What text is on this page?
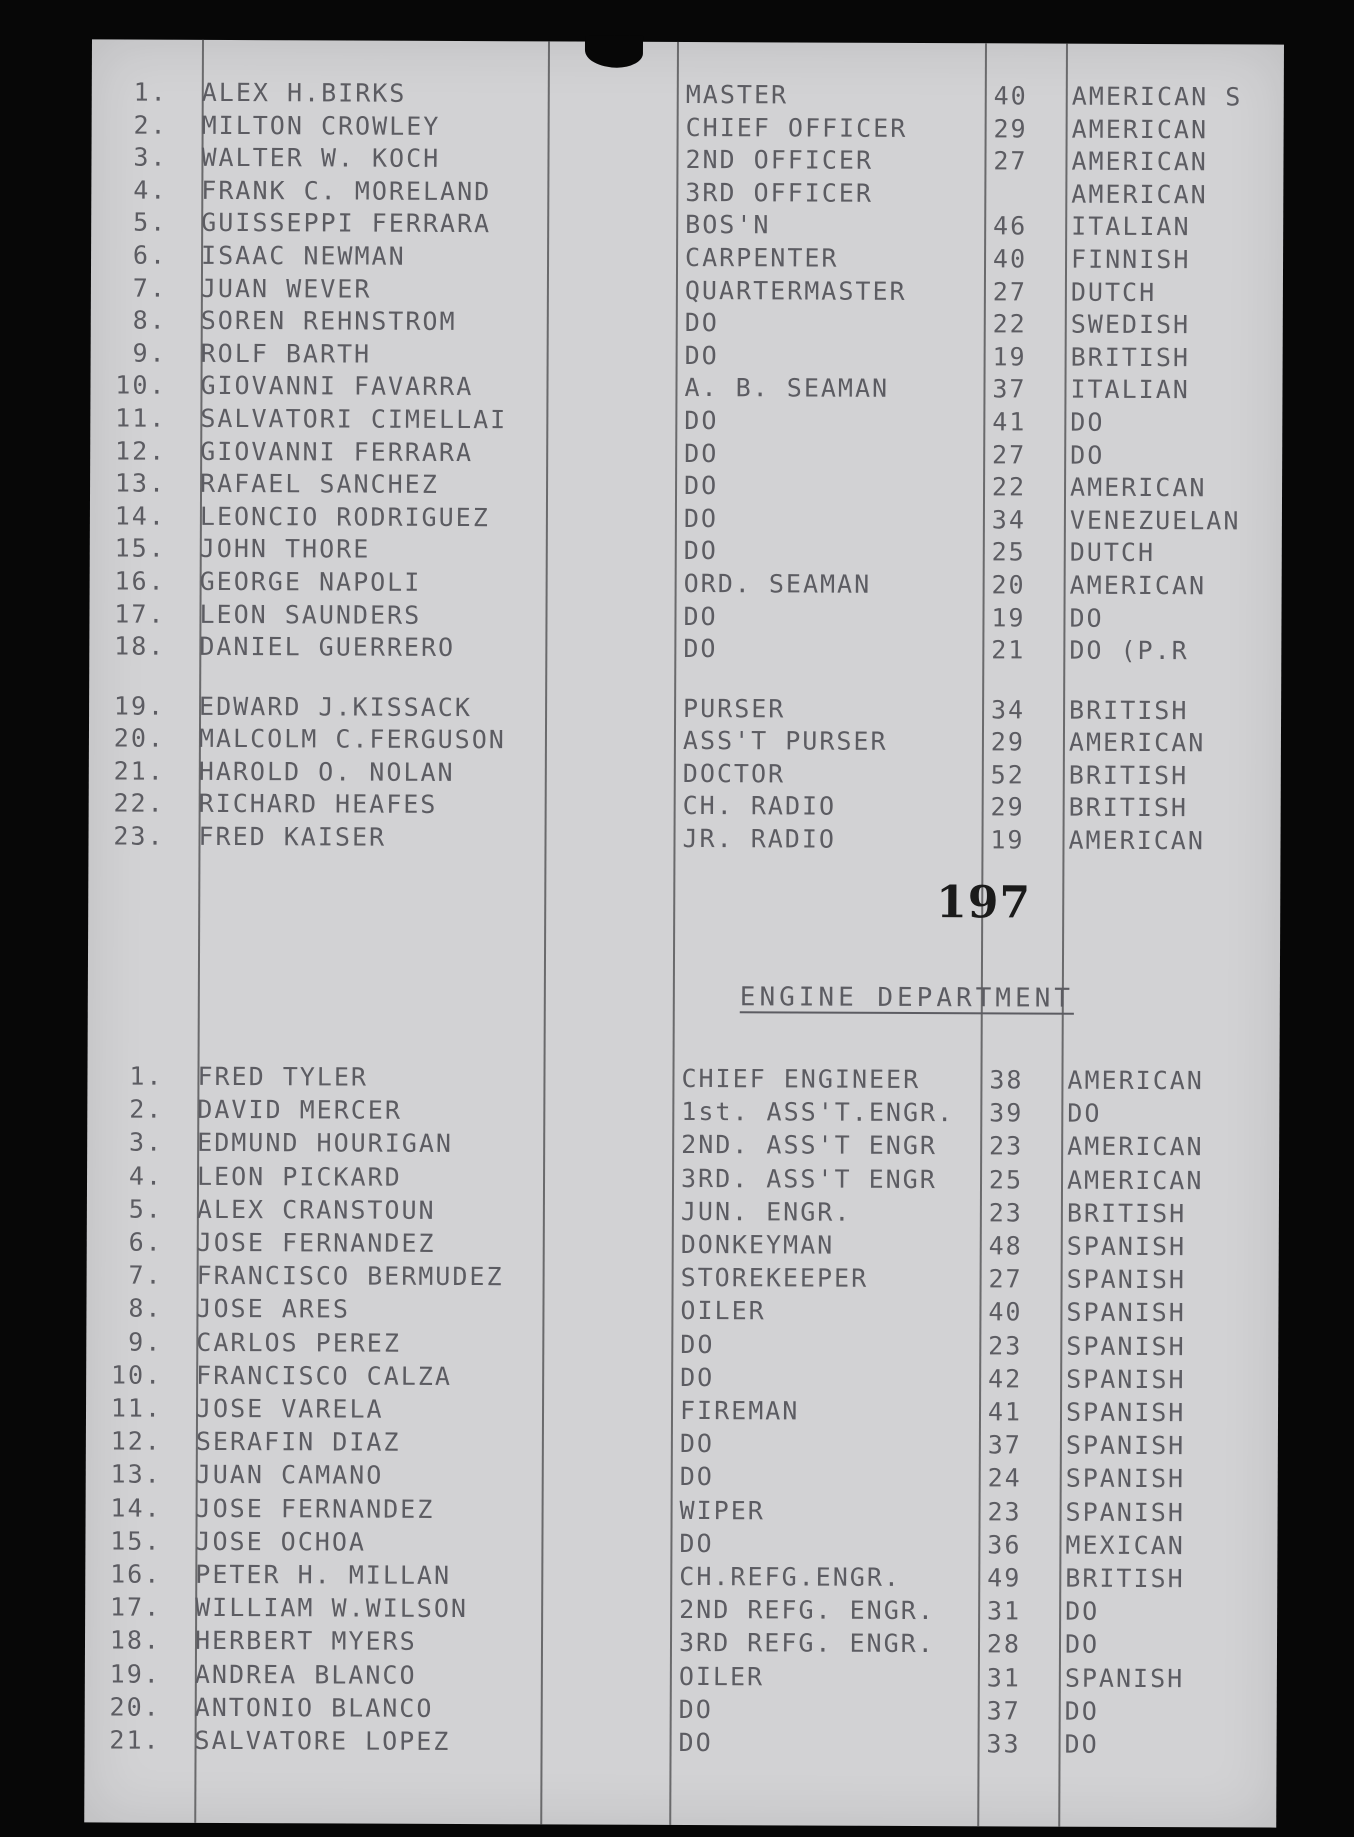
1. ALEX H.BIRKS	MASTER	40 AMERICAN S
2. MILTON CROWLEY	CHIEF OFFICER	29 AMERICAN
3. WALTER W. KOCH	2ND OFFICER	27 AMERICAN
4. FRANK C. MORELAND	3RD OFFICER	AMERICAN
5. GUISSEPPI FERRARA	BOS'N	46 ITALIAN
6. ISAAC NEWMAN	CARPENTER	40 FINNISH
7. JUAN WEVER	QUARTERMASTER	27 DUTCH
8. SOREN REHNSTROM	DO	22 SWEDISH
9. ROLF BARTH	DO	19 BRITISH
10. GIOVANNI FAVARRA	A. B. SEAMAN	37 ITALIAN
11. SALVATORI CIMELLAI	DO	41 DO
12. GIOVANNI FERRARA	DO	27 DO
13. RAFAEL SANCHEZ	DO	22 AMERICAN
14. LEONCIO RODRIGUEZ	DO	34 VENEZUELAN
15. JOHN THORE	DO	25 DUTCH
16. GEORGE NAPOLI	ORD. SEAMAN	20 AMERICAN
17. LEON SAUNDERS	DO	19 DO
18. DANIEL GUERRERO	DO	21 DO (P.R
19. EDWARD J.KISSACK	PURSER	34 BRITISH
20. MALCOLM C.FERGUSON	ASS'T PURSER	29 AMERICAN
21. HAROLD O. NOLAN	DOCTOR	52 BRITISH
22. RICHARD HEAFES	CH. RADIO	29 BRITISH
23. FRED KAISER	JR. RADIO	19 AMERICAN
197
ENGINE DEPARTMENT
1. FRED TYLER	CHIEF ENGINEER	38 AMERICAN
2. DAVID MERCER	1st. ASS'T.ENGR. 39 DO
3. EDMUND HOURIGAN	2ND. ASS'T ENGR 23 AMERICAN
4. LEON PICKARD	3RD. ASS'T ENGR 25 AMERICAN
5. ALEX CRANSTOUN	JUN. ENGR.	23 BRITISH
6. JOSE FERNANDEZ	DONKEYMAN	48 SPANISH
7. FRANCISCO BERMUDEZ	STOREKEEPER	27 SPANISH
8. JOSE ARES	OILER	40 SPANISH
9. CARLOS PEREZ	DO	23 SPANISH
10. FRANCISCO CALZA	DO	42 SPANISH
11. JOSE VARELA	FIREMAN	41 SPANISH
12. SERAFIN DIAZ	DO	37 SPANISH
13. JUAN CAMANO	DO	24 SPANISH
14. JOSE FERNANDEZ	WIPER	23 SPANISH
15. JOSE OCHOA	DO	36 MEXICAN
16. PETER H. MILLAN	CH.REFG.ENGR.	49 BRITISH
17. WILLIAM W.WILSON	2ND REFG. ENGR. 31 DO
18. HERBERT MYERS	3RD REFG. ENGR. 28 DO
19. ANDREA BLANCO	OILER	31 SPANISH
20. ANTONIO BLANCO	DO	37 DO
21. SALVATORE LOPEZ	DO	33 DO
